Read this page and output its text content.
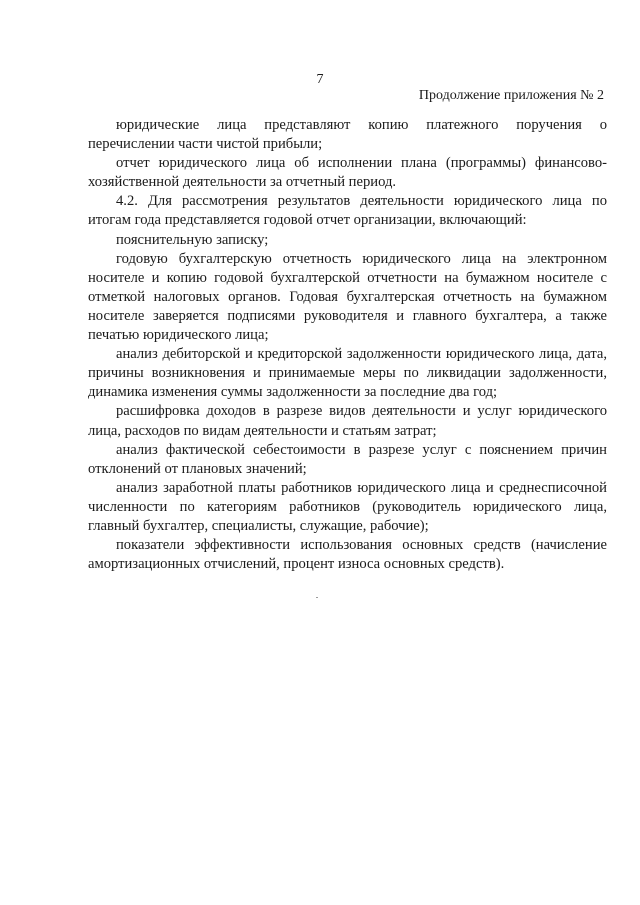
7
Продолжение приложения № 2

юридические лица представляют копию платежного поручения о перечислении части чистой прибыли;

отчет юридического лица об исполнении плана (программы) финансово-хозяйственной деятельности за отчетный период.

4.2. Для рассмотрения результатов деятельности юридического лица по итогам года представляется годовой отчет организации, включающий:

пояснительную записку;

годовую бухгалтерскую отчетность юридического лица на электронном носителе и копию годовой бухгалтерской отчетности на бумажном носителе с отметкой налоговых органов. Годовая бухгалтерская отчетность на бумажном носителе заверяется подписями руководителя и главного бухгалтера, а также печатью юридического лица;

анализ дебиторской и кредиторской задолженности юридического лица, дата, причины возникновения и принимаемые меры по ликвидации задолженности, динамика изменения суммы задолженности за последние два год;

расшифровка доходов в разрезе видов деятельности и услуг юридического лица, расходов по видам деятельности и статьям затрат;

анализ фактической себестоимости в разрезе услуг с пояснением причин отклонений от плановых значений;

анализ заработной платы работников юридического лица и среднесписочной численности по категориям работников (руководитель юридического лица, главный бухгалтер, специалисты, служащие, рабочие);

показатели эффективности использования основных средств (начисление амортизационных отчислений, процент износа основных средств).
